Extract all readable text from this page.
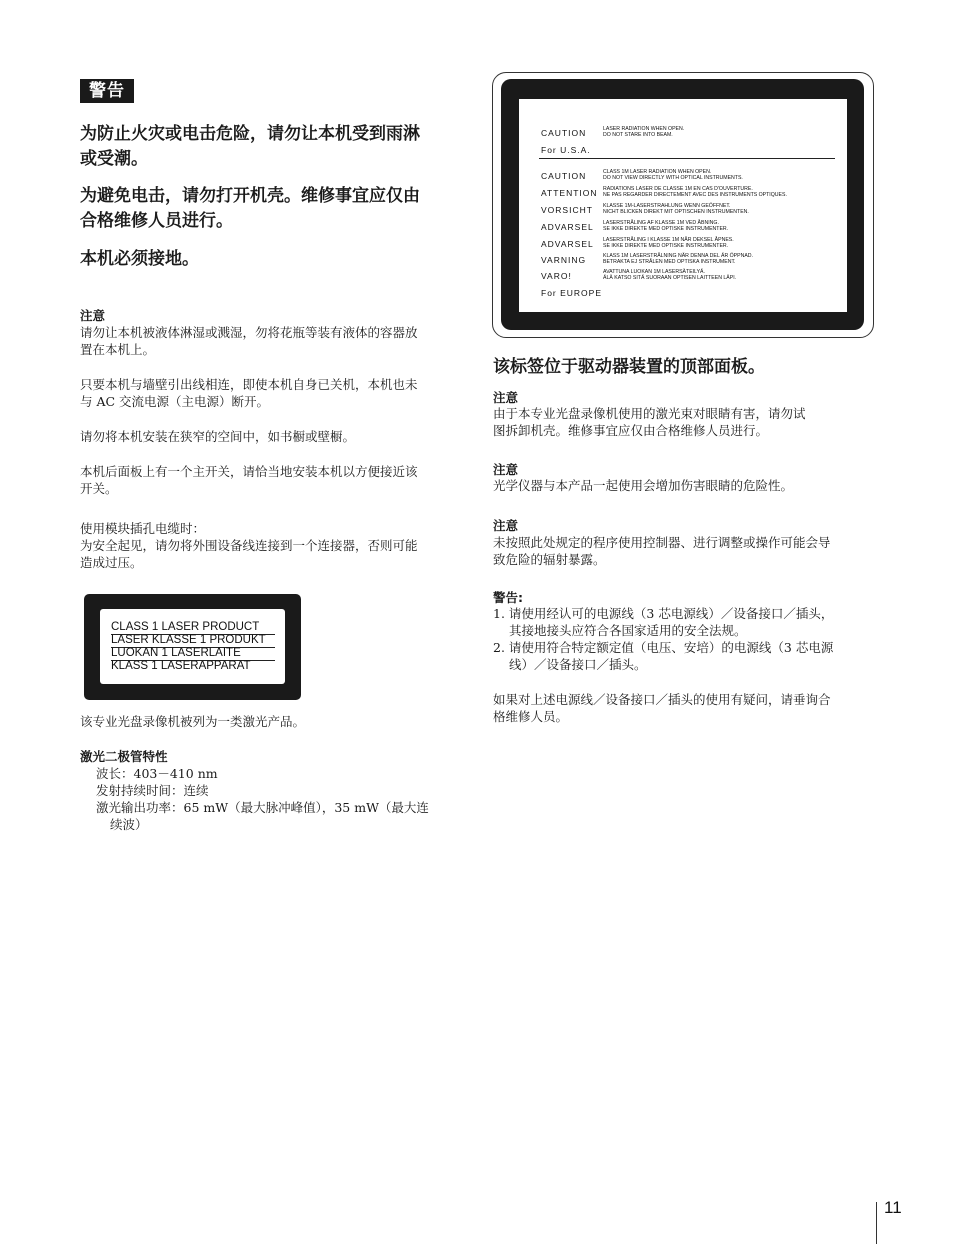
警告
为防止火灾或电击危险，请勿让本机受到雨淋
或受潮。
为避免电击，请勿打开机壳。维修事宜应仅由
合格维修人员进行。
本机必须接地。
注意
请勿让本机被液体淋湿或溅湿，勿将花瓶等装有液体的容器放
置在本机上。
只要本机与墙壁引出线相连，即使本机自身已关机，本机也未
与 AC 交流电源（主电源）断开。
请勿将本机安装在狭窄的空间中，如书橱或壁橱。
本机后面板上有一个主开关，请恰当地安装本机以方便接近该
开关。
使用模块插孔电缆时：
为安全起见，请勿将外围设备线连接到一个连接器，否则可能
造成过压。
CLASS 1 LASER PRODUCT
LASER KLASSE 1 PRODUKT
LUOKAN 1 LASERLAITE
KLASS 1 LASERAPPARAT
该专业光盘录像机被列为一类激光产品。
激光二极管特性
波长：403－410 nm
发射持续时间：连续
激光输出功率：65 mW（最大脉冲峰值），35 mW（最大连
续波）
CAUTION	LASER RADIATION WHEN OPEN.
DO NOT STARE INTO BEAM.
For U.S.A.
CAUTION	CLASS 1M LASER RADIATION WHEN OPEN.
DO NOT VIEW DIRECTLY WITH OPTICAL INSTRUMENTS.
ATTENTION RADIATIONS LASER DE CLASSE 1M EN CAS D'OUVERTURE.
NE PAS REGARDER DIRECTEMENT AVEC DES INSTRUMENTS OPTIQUES.
VORSICHT KLASSE 1M-LASERSTRAHLUNG WENN GEÖFFNET.
NICHT BLICKEN DIREKT MIT OPTISCHEN INSTRUMENTEN.
ADVARSEL LASERSTRÅLING AF KLASSE 1M VED ÅBNING.
SE IKKE DIREKTE MED OPTISKE INSTRUMENTER.
ADVARSEL LASERSTRÅLING I KLASSE 1M NÅR DEKSEL ÅPNES.
SE IKKE DIREKTE MED OPTISKE INSTRUMENTER.
VARNING	KLASS 1M LASERSTRÅLNING NÄR DENNA DEL ÄR ÖPPNAD.
BETRAKTA EJ STRÅLEN MED OPTISKA INSTRUMENT.
VARO!	AVATTUNA LUOKAN 1M LASERSÄTEILYÄ.
ÄLÄ KATSO SITÄ SUORAAN OPTISEN LAITTEEN LÄPI.
For EUROPE
该标签位于驱动器装置的顶部面板。
注意
由于本专业光盘录像机使用的激光束对眼睛有害，请勿试
图拆卸机壳。维修事宜应仅由合格维修人员进行。
注意
光学仪器与本产品一起使用会增加伤害眼睛的危险性。
注意
未按照此处规定的程序使用控制器、进行调整或操作可能会导
致危险的辐射暴露。
警告:
1. 请使用经认可的电源线（3 芯电源线）／设备接口／插头，
其接地接头应符合各国家适用的安全法规。
2. 请使用符合特定额定值（电压、安培）的电源线（3 芯电源
线）／设备接口／插头。
如果对上述电源线／设备接口／插头的使用有疑问，请垂询合
格维修人员。
11
